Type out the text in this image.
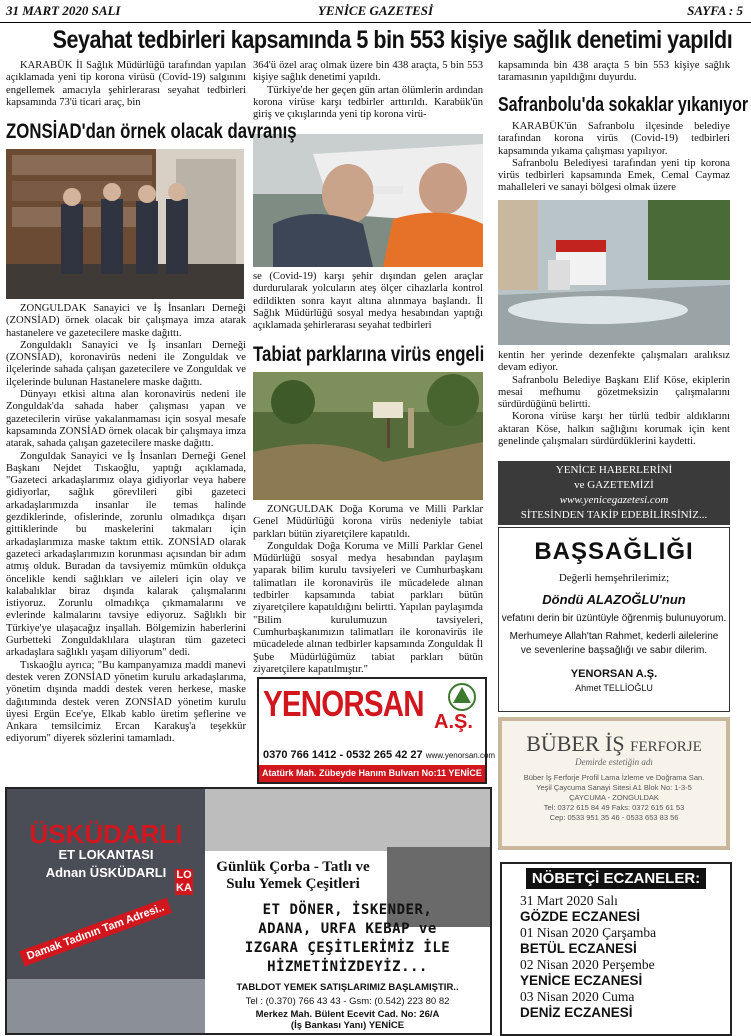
31 MART 2020 SALI	YENİCE GAZETESİ	SAYFA : 5
Seyahat tedbirleri kapsamında 5 bin 553 kişiye sağlık denetimi yapıldı

KARABÜK İl Sağlık Müdürlüğü tarafından yapılan açıklamada yeni tip korona virüsü (Covid-19) salgınını engellemek amacıyla şehirlerarası seyahat tedbirleri kapsamında 73'ü ticari araç, bin

364'ü özel araç olmak üzere bin 438 araçta, 5 bin 553 kişiye sağlık denetimi yapıldı.

Türkiye'de her geçen gün artan ölümlerin ardından korona virüse karşı tedbirler arttırıldı. Karabük'ün giriş ve çıkışlarında yeni tip korona virü-

se (Covid-19) karşı şehir dışından gelen araçlar durdurularak yolcuların ateş ölçer cihazlarla kontrol edildikten sonra kayıt altına alınmaya başlandı. İl Sağlık Müdürlüğü sosyal medya hesabından yaptığı açıklamada şehirlerarası seyahat tedbirleri

kapsamında bin 438 araçta 5 bin 553 kişiye sağlık taramasının yapıldığını duyurdu.

ZONSİAD'dan örnek olacak davranış

ZONGULDAK Sanayici ve İş İnsanları Derneği (ZONSİAD) örnek olacak bir çalışmaya imza atarak hastanelere ve gazetecilere maske dağıttı.

Zonguldaklı Sanayici ve İş insanları Derneği (ZONSİAD), koronavirüs nedeni ile Zonguldak ve ilçelerinde sahada çalışan gazetecilere ve Zonguldak ve ilçelerinde bulunan Hastanelere maske dağıttı.

Dünyayı etkisi altına alan koronavirüs nedeni ile Zonguldak'da sahada haber çalışması yapan ve gazetecilerin virüse yakalanmaması için sosyal mesafe kapsamında ZONSİAD örnek olacak bir çalışmaya imza atarak, sahada çalışan gazetecilere maske dağıttı.

Zonguldak Sanayici ve İş İnsanları Derneği Genel Başkanı Nejdet Tıskaoğlu, yaptığı açıklamada, "Gazeteci arkadaşlarımız olaya gidiyorlar veya habere gidiyorlar, sağlık görevlileri gibi gazeteci arkadaşlarımızda insanlar ile temas halinde gezdiklerinde, ofislerinde, zorunlu olmadıkça dışarı gittiklerinde bu maskelerini takmaları için arkadaşlarımıza maske taktım ettik. ZONSİAD olarak gazeteci arkadaşlarımızın korunması açısından bir adım atmış olduk. Buradan da tavsiyemiz mümkün oldukça öncelikle kendi sağlıkları ve aileleri için olay ve kalabalıklar biraz dışında kalarak çalışmalarını istiyoruz. Zorunlu olmadıkça çıkmamalarını ve evlerinde kalmalarını tavsiye ediyoruz. Sağlıklı bir Türkiye'ye ulaşacağız inşallah. Bölgemizin haberlerini Gurbetteki Zonguldaklılara ulaştıran tüm gazeteci arkadaşlara sağlıklı yaşam diliyorum" dedi.

Tıskaoğlu ayrıca; "Bu kampanyamıza maddi manevi destek veren ZONSİAD yönetim kurulu arkadaşlarıma, yönetim dışında maddi destek veren herkese, maske dağıtımında destek veren ZONSİAD yönetim kurulu üyesi Ergün Ece'ye, Elkab kablo üretim şeflerine ve Ankara temsilcimiz Ercan Karakuş'a teşekkür ediyorum" diyerek sözlerini tamamladı.

Tabiat parklarına virüs engeli

ZONGULDAK Doğa Koruma ve Milli Parklar Genel Müdürlüğü korona virüs nedeniyle tabiat parkları bütün ziyaretçilere kapatıldı.

Zonguldak Doğa Koruma ve Milli Parklar Genel Müdürlüğü sosyal medya hesabından paylaşım yaparak bilim kurulu tavsiyeleri ve Cumhurbaşkanı talimatları ile koronavirüs ile mücadelede alınan tedbirler kapsamında tabiat parkları bütün ziyaretçilere kapatıldığını belirtti. Yapılan paylaşımda "Bilim kurulumuzun tavsiyeleri, Cumhurbaşkanımızın talimatları ile koronavirüs ile mücadelede alınan tedbirler kapsamında Zonguldak İl Şube Müdürlüğümüz tabiat parkları bütün ziyaretçilere kapatılmıştır."

Safranbolu'da sokaklar yıkanıyor

KARABÜK'ün Safranbolu ilçesinde belediye tarafından korona virüs (Covid-19) tedbirleri kapsamında yıkama çalışması yapılıyor.

Safranbolu Belediyesi tarafından yeni tip korona virüs tedbirleri kapsamında Emek, Cemal Caymaz mahalleleri ve sanayi bölgesi olmak üzere

kentin her yerinde dezenfekte çalışmaları aralıksız devam ediyor.

Safranbolu Belediye Başkanı Elif Köse, ekiplerin mesai mefhumu gözetmeksizin çalışmalarını sürdürdüğünü belirtti.

Korona virüse karşı her türlü tedbir aldıklarını aktaran Köse, halkın sağlığını korumak için kent genelinde çalışmaları sürdürdüklerini kaydetti.

YENİCE HABERLERİNİ
ve GAZETEMİZİ
www.yenicegazetesi.com
SİTESİNDEN TAKİP EDEBİLİRSİNİZ...
BAŞSAĞLIĞI
Değerli hemşehrilerimiz;
Döndü ALAZOĞLU'nun
vefatını derin bir üzüntüyle öğrenmiş bulunuyorum.
Merhumeye Allah'tan Rahmet, kederli ailelerine ve sevenlerine başsağlığı ve sabır dilerim.
YENORSAN A.Ş.
Ahmet TELLİOĞLU
YENORSAN A.Ş.
0370 766 1412 - 0532 265 42 27 www.yenorsan.com
Atatürk Mah. Zübeyde Hanım Bulvarı No:11 YENİCE
BÜBER İŞ FERFORJE
Demirde estetiğin adı
Büber İş Ferforje Profil Lama İzleme ve Doğrama San.
Yeşil Çaycuma Sanayi Sitesi A1 Blok No: 1-3-5
ÇAYCUMA - ZONGULDAK
Tel: 0372 615 84 49 Faks: 0372 615 61 53
Cep: 0533 951 35 46 - 0533 653 83 56
NÖBETÇİ ECZANELER:
31 Mart 2020 Salı
GÖZDE ECZANESİ
01 Nisan 2020 Çarşamba
BETÜL ECZANESİ
02 Nisan 2020 Perşembe
YENİCE ECZANESİ
03 Nisan 2020 Cuma
DENİZ ECZANESİ
ÜSKÜDARLI
ET LOKANTASI
Adnan ÜSKÜDARLI
Damak Tadının Tam Adresi..
LOKA
Günlük Çorba - Tatlı ve
Sulu Yemek Çeşitleri
ET DÖNER, İSKENDER,
ADANA, URFA KEBAP ve
IZGARA ÇEŞİTLERİMİZ İLE
HİZMETİNİZDEYİZ...
TABLDOT YEMEK SATIŞLARIMIZ BAŞLAMIŞTIR..
Tel : (0.370) 766 43 43 - Gsm: (0.542) 223 80 82
Merkez Mah. Bülent Ecevit Cad. No: 26/A
(İş Bankası Yanı) YENİCE
